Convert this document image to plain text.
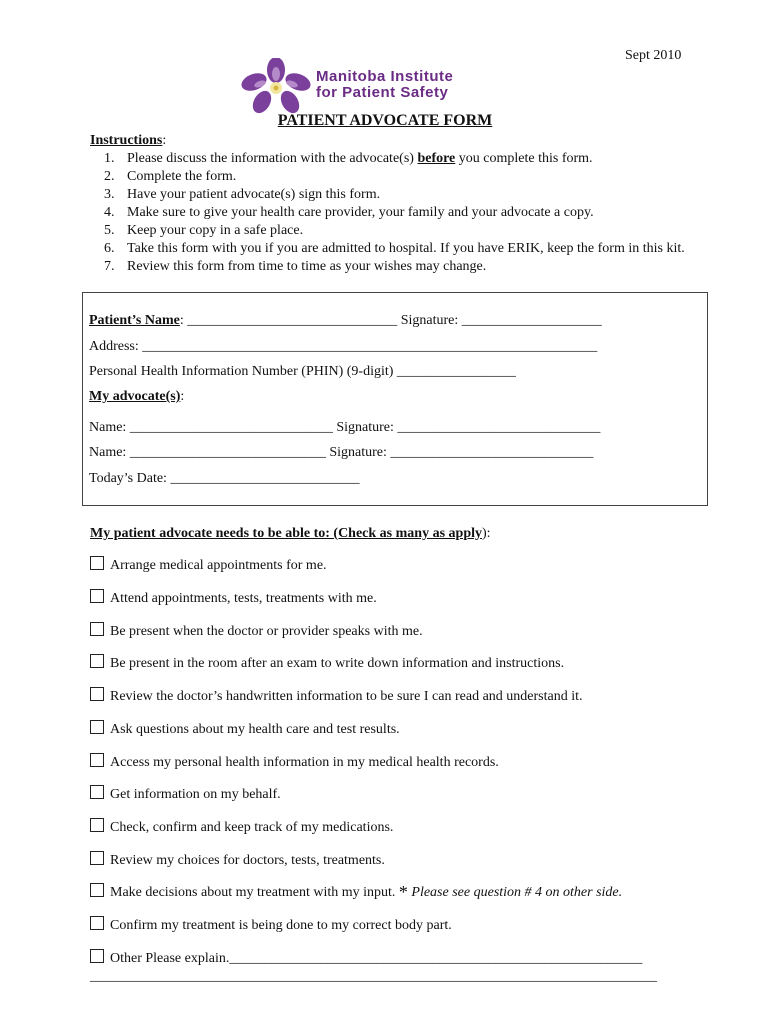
Sept 2010
Manitoba Institute
for Patient Safety
PATIENT ADVOCATE FORM
Instructions:
1. Please discuss the information with the advocate(s) before you complete this form.
2. Complete the form.
3. Have your patient advocate(s) sign this form.
4. Make sure to give your health care provider, your family and your advocate a copy.
5. Keep your copy in a safe place.
6. Take this form with you if you are admitted to hospital. If you have ERIK, keep the form in this kit.
7. Review this form from time to time as your wishes may change.
Patient’s Name: ______________________________ Signature: ____________________
Address: _________________________________________________________________
Personal Health Information Number (PHIN) (9-digit) _________________
My advocate(s):
Name: _____________________________ Signature: _____________________________
Name: ____________________________ Signature: _____________________________
Today’s Date: ___________________________
My patient advocate needs to be able to: (Check as many as apply):
Arrange medical appointments for me.
Attend appointments, tests, treatments with me.
Be present when the doctor or provider speaks with me.
Be present in the room after an exam to write down information and instructions.
Review the doctor’s handwritten information to be sure I can read and understand it.
Ask questions about my health care and test results.
Access my personal health information in my medical health records.
Get information on my behalf.
Check, confirm and keep track of my medications.
Review my choices for doctors, tests, treatments.
Make decisions about my treatment with my input. * Please see question # 4 on other side.
Confirm my treatment is being done to my correct body part.
Other Please explain.___________________________________________________________
_________________________________________________________________________________
